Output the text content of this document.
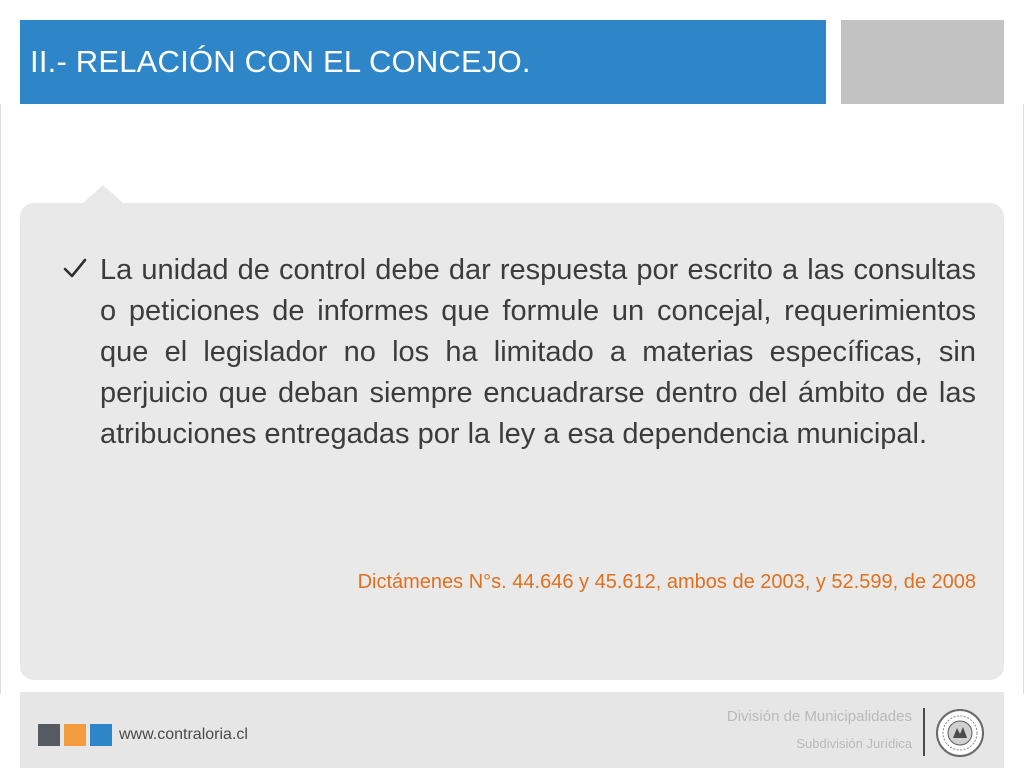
II.- RELACIÓN CON EL CONCEJO.
La unidad de control debe dar respuesta por escrito a las consultas o peticiones de informes que formule un concejal, requerimientos que el legislador no los ha limitado a materias específicas, sin perjuicio que deban siempre encuadrarse dentro del ámbito de las atribuciones entregadas por la ley a esa dependencia municipal.
Dictámenes N°s. 44.646 y 45.612, ambos de 2003, y 52.599, de 2008
www.contraloria.cl
División de Municipalidades
Subdivisión Jurídica
